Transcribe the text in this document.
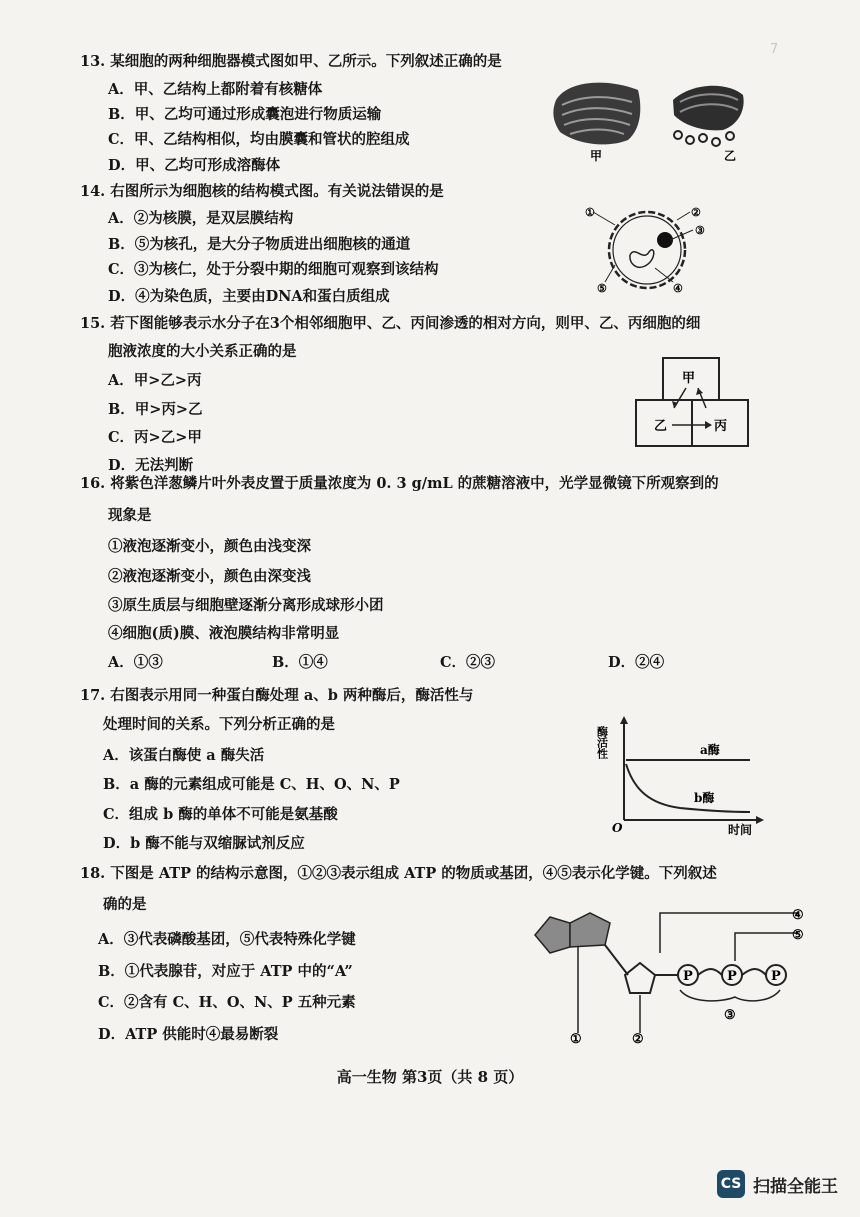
7
13. 某细胞的两种细胞器模式图如甲、乙所示。下列叙述正确的是
A．甲、乙结构上都附着有核糖体
B．甲、乙均可通过形成囊泡进行物质运输
C．甲、乙结构相似，均由膜囊和管状的腔组成
D．甲、乙均可形成溶酶体
甲	乙
14. 右图所示为细胞核的结构模式图。有关说法错误的是
A．②为核膜，是双层膜结构
B．⑤为核孔，是大分子物质进出细胞核的通道
C．③为核仁，处于分裂中期的细胞可观察到该结构
D．④为染色质，主要由DNA和蛋白质组成
①	②
③
④
⑤
15. 若下图能够表示水分子在3个相邻细胞甲、乙、丙间渗透的相对方向，则甲、乙、丙细胞的细
胞液浓度的大小关系正确的是
A．甲>乙>丙
B．甲>丙>乙
C．丙>乙>甲
D．无法判断
甲
乙	丙
16. 将紫色洋葱鳞片叶外表皮置于质量浓度为 0. 3 g/mL 的蔗糖溶液中，光学显微镜下所观察到的
现象是
①液泡逐渐变小，颜色由浅变深
②液泡逐渐变小，颜色由深变浅
③原生质层与细胞壁逐渐分离形成球形小团
④细胞(质)膜、液泡膜结构非常明显
A．①③	B．①④	C．②③	D．②④
17. 右图表示用同一种蛋白酶处理 a、b 两种酶后，酶活性与
处理时间的关系。下列分析正确的是
A．该蛋白酶使 a 酶失活
B．a 酶的元素组成可能是 C、H、O、N、P
C．组成 b 酶的单体不可能是氨基酸
D．b 酶不能与双缩脲试剂反应
酶活性
时间
O
a酶
b酶
18. 下图是 ATP 的结构示意图，①②③表示组成 ATP 的物质或基团，④⑤表示化学键。下列叙述
确的是
A．③代表磷酸基团，⑤代表特殊化学键
B．①代表腺苷，对应于 ATP 中的“A”
C．②含有 C、H、O、N、P 五种元素
D．ATP 供能时④最易断裂
P	P	P
④
⑤
①	②
③
高一生物 第3页（共 8 页）
CS 扫描全能王
